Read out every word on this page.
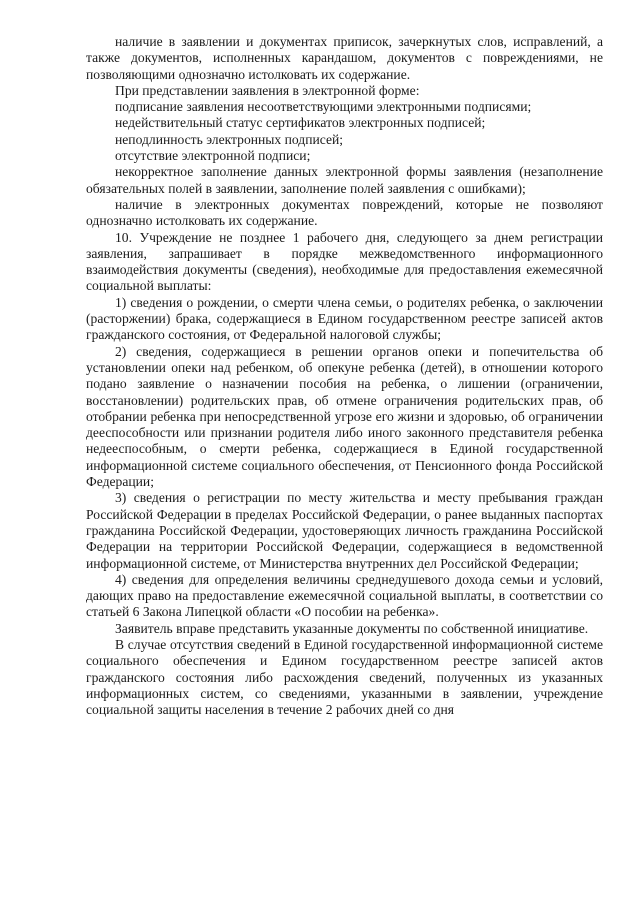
наличие в заявлении и документах приписок, зачеркнутых слов, исправлений, а также документов, исполненных карандашом, документов с повреждениями, не позволяющими однозначно истолковать их содержание.

При представлении заявления в электронной форме:

подписание заявления несоответствующими электронными подписями;

недействительный статус сертификатов электронных подписей;

неподлинность электронных подписей;

отсутствие электронной подписи;

некорректное заполнение данных электронной формы заявления (незаполнение обязательных полей в заявлении, заполнение полей заявления с ошибками);

наличие в электронных документах повреждений, которые не позволяют однозначно истолковать их содержание.

10. Учреждение не позднее 1 рабочего дня, следующего за днем регистрации заявления, запрашивает в порядке межведомственного информационного взаимодействия документы (сведения), необходимые для предоставления ежемесячной социальной выплаты:

1) сведения о рождении, о смерти члена семьи, о родителях ребенка, о заключении (расторжении) брака, содержащиеся в Едином государственном реестре записей актов гражданского состояния, от Федеральной налоговой службы;

2) сведения, содержащиеся в решении органов опеки и попечительства об установлении опеки над ребенком, об опекуне ребенка (детей), в отношении которого подано заявление о назначении пособия на ребенка, о лишении (ограничении, восстановлении) родительских прав, об отмене ограничения родительских прав, об отобрании ребенка при непосредственной угрозе его жизни и здоровью, об ограничении дееспособности или признании родителя либо иного законного представителя ребенка недееспособным, о смерти ребенка, содержащиеся в Единой государственной информационной системе социального обеспечения, от Пенсионного фонда Российской Федерации;

3) сведения о регистрации по месту жительства и месту пребывания граждан Российской Федерации в пределах Российской Федерации, о ранее выданных паспортах гражданина Российской Федерации, удостоверяющих личность гражданина Российской Федерации на территории Российской Федерации, содержащиеся в ведомственной информационной системе, от Министерства внутренних дел Российской Федерации;

4) сведения для определения величины среднедушевого дохода семьи и условий, дающих право на предоставление ежемесячной социальной выплаты, в соответствии со статьей 6 Закона Липецкой области «О пособии на ребенка».

Заявитель вправе представить указанные документы по собственной инициативе.

В случае отсутствия сведений в Единой государственной информационной системе социального обеспечения и Едином государственном реестре записей актов гражданского состояния либо расхождения сведений, полученных из указанных информационных систем, со сведениями, указанными в заявлении, учреждение социальной защиты населения в течение 2 рабочих дней со дня
